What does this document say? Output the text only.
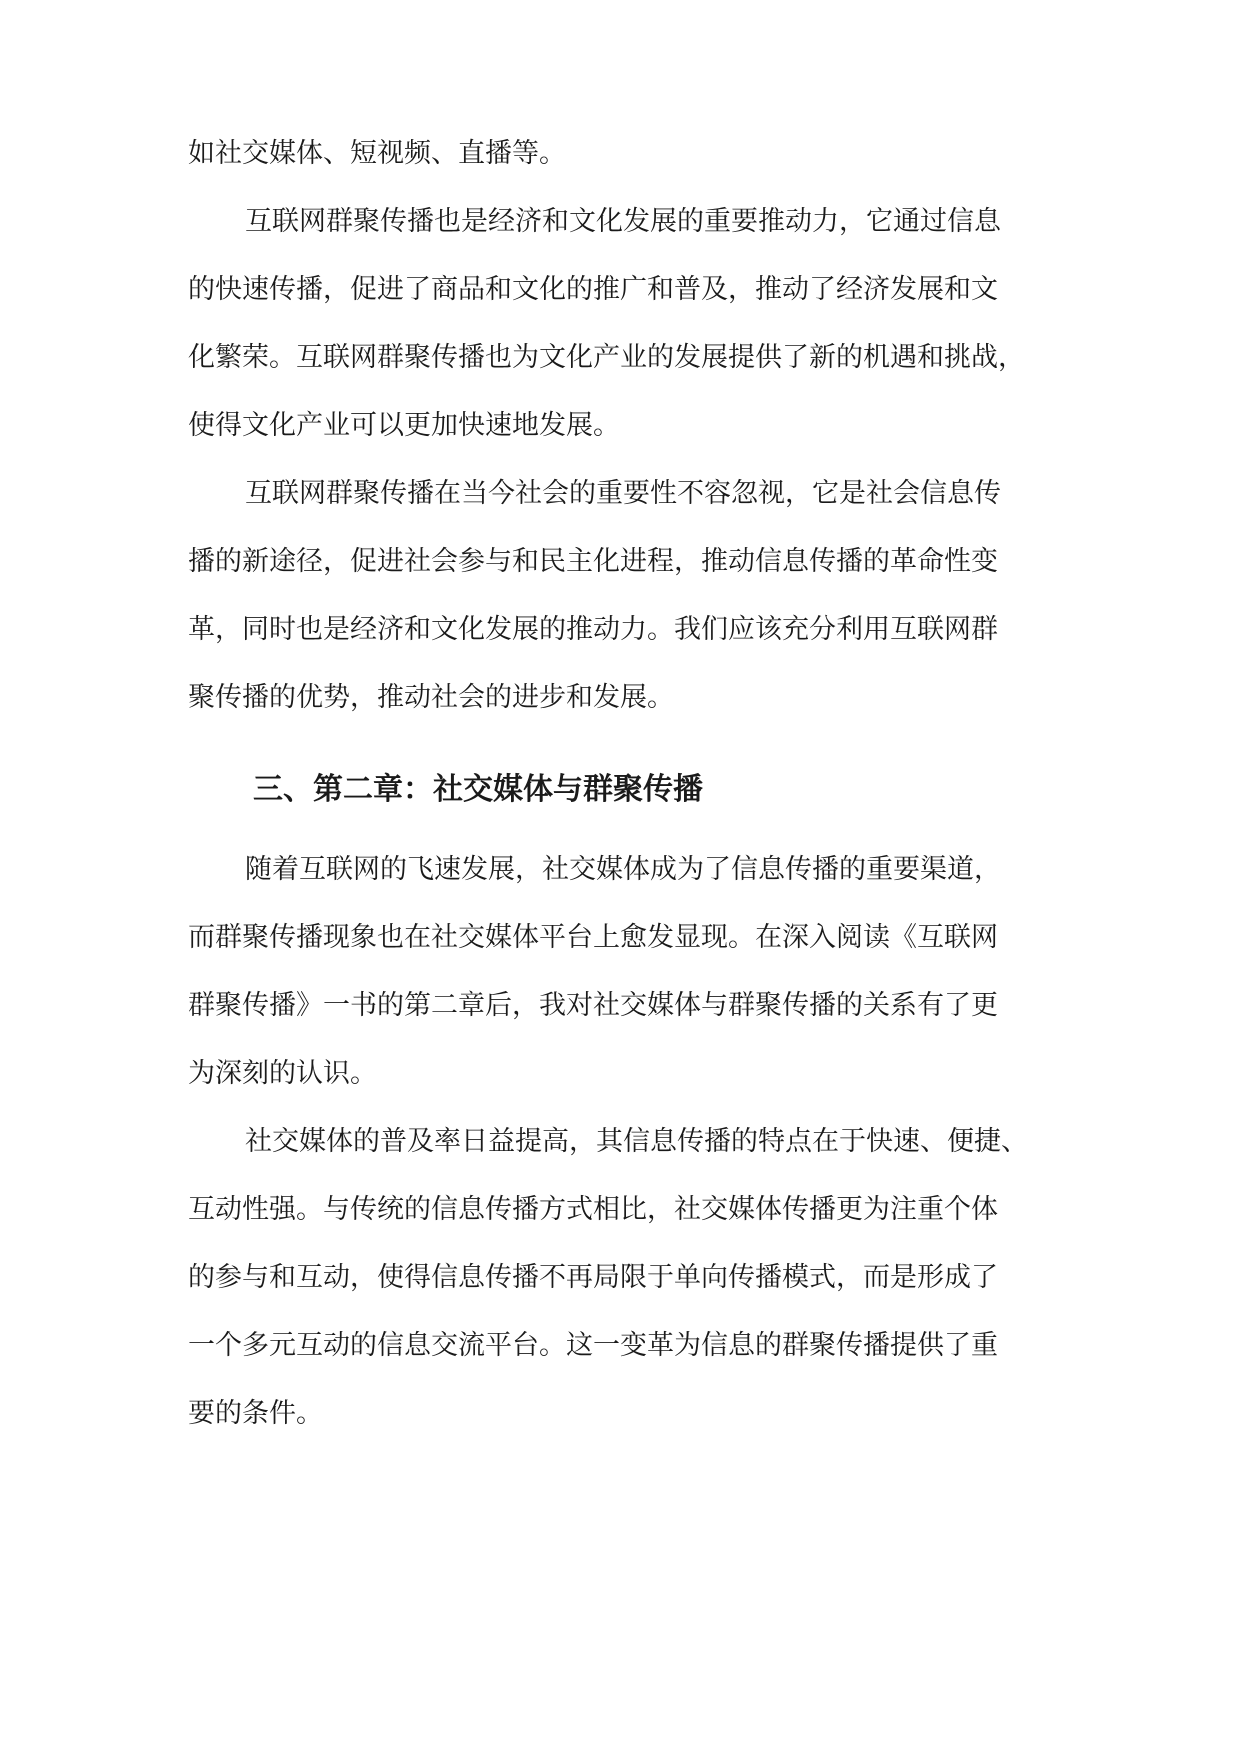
如社交媒体、短视频、直播等。
互联网群聚传播也是经济和文化发展的重要推动力，它通过信息
的快速传播，促进了商品和文化的推广和普及，推动了经济发展和文
化繁荣。互联网群聚传播也为文化产业的发展提供了新的机遇和挑战，
使得文化产业可以更加快速地发展。
互联网群聚传播在当今社会的重要性不容忽视，它是社会信息传
播的新途径，促进社会参与和民主化进程，推动信息传播的革命性变
革，同时也是经济和文化发展的推动力。我们应该充分利用互联网群
聚传播的优势，推动社会的进步和发展。
三、第二章：社交媒体与群聚传播
随着互联网的飞速发展，社交媒体成为了信息传播的重要渠道，
而群聚传播现象也在社交媒体平台上愈发显现。在深入阅读《互联网
群聚传播》一书的第二章后，我对社交媒体与群聚传播的关系有了更
为深刻的认识。
社交媒体的普及率日益提高，其信息传播的特点在于快速、便捷、
互动性强。与传统的信息传播方式相比，社交媒体传播更为注重个体
的参与和互动，使得信息传播不再局限于单向传播模式，而是形成了
一个多元互动的信息交流平台。这一变革为信息的群聚传播提供了重
要的条件。
